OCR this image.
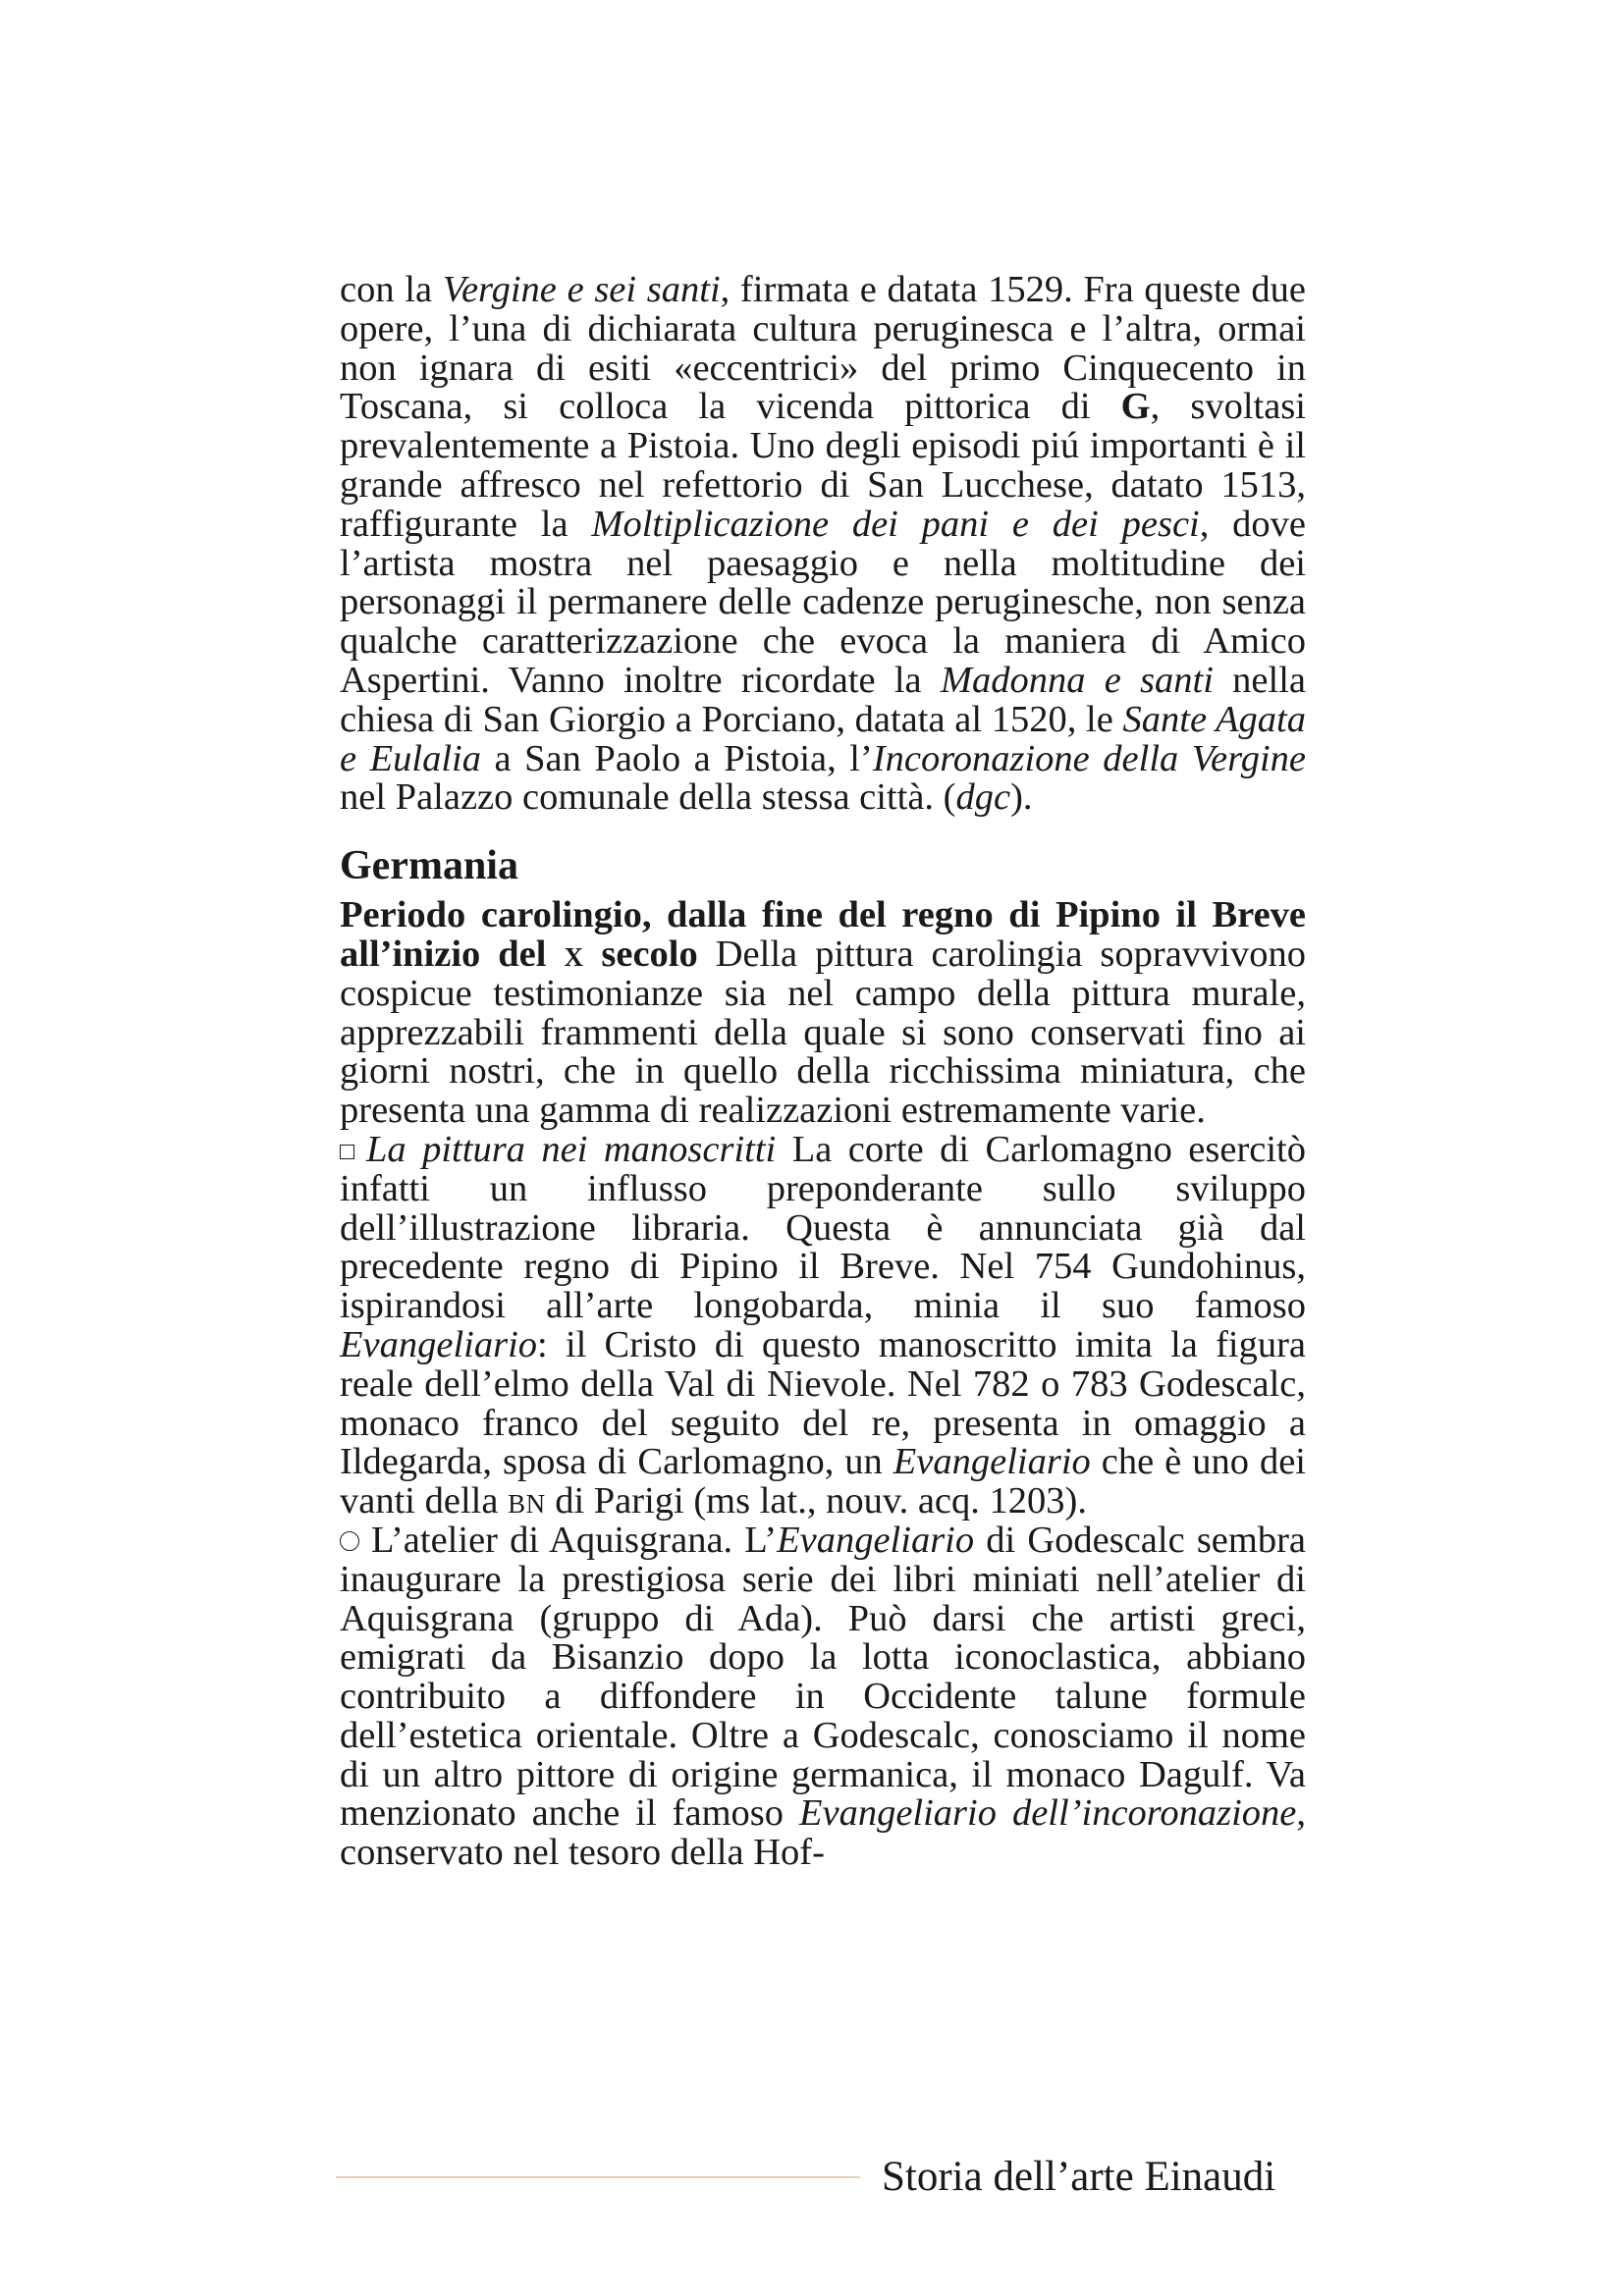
con la Vergine e sei santi, firmata e datata 1529. Fra queste due opere, l’una di dichiarata cultura peruginesca e l’altra, ormai non ignara di esiti «eccentrici» del primo Cinquecento in Toscana, si colloca la vicenda pittorica di G, svoltasi prevalentemente a Pistoia. Uno degli episodi piú importanti è il grande affresco nel refettorio di San Lucchese, datato 1513, raffigurante la Moltiplicazione dei pani e dei pesci, dove l’artista mostra nel paesaggio e nella moltitudine dei personaggi il permanere delle cadenze peruginesche, non senza qualche caratterizzazione che evoca la maniera di Amico Aspertini. Vanno inoltre ricordate la Madonna e santi nella chiesa di San Giorgio a Porciano, datata al 1520, le Sante Agata e Eulalia a San Paolo a Pistoia, l’Incoronazione della Vergine nel Palazzo comunale della stessa città. (dgc).

Germania

Periodo carolingio, dalla fine del regno di Pipino il Breve all’inizio del x secolo Della pittura carolingia sopravvivono cospicue testimonianze sia nel campo della pittura murale, apprezzabili frammenti della quale si sono conservati fino ai giorni nostri, che in quello della ricchissima miniatura, che presenta una gamma di realizzazioni estremamente varie.

La pittura nei manoscritti La corte di Carlomagno esercitò infatti un influsso preponderante sullo sviluppo dell’illustrazione libraria. Questa è annunciata già dal precedente regno di Pipino il Breve. Nel 754 Gundohinus, ispirandosi all’arte longobarda, minia il suo famoso Evangeliario: il Cristo di questo manoscritto imita la figura reale dell’elmo della Val di Nievole. Nel 782 o 783 Godescalc, monaco franco del seguito del re, presenta in omaggio a Ildegarda, sposa di Carlomagno, un Evangeliario che è uno dei vanti della bn di Parigi (ms lat., nouv. acq. 1203).

L’atelier di Aquisgrana. L’Evangeliario di Godescalc sembra inaugurare la prestigiosa serie dei libri miniati nell’atelier di Aquisgrana (gruppo di Ada). Può darsi che artisti greci, emigrati da Bisanzio dopo la lotta iconoclastica, abbiano contribuito a diffondere in Occidente talune formule dell’estetica orientale. Oltre a Godescalc, conosciamo il nome di un altro pittore di origine germanica, il monaco Dagulf. Va menzionato anche il famoso Evangeliario dell’incoronazione, conservato nel tesoro della Hof-

Storia dell’arte Einaudi
